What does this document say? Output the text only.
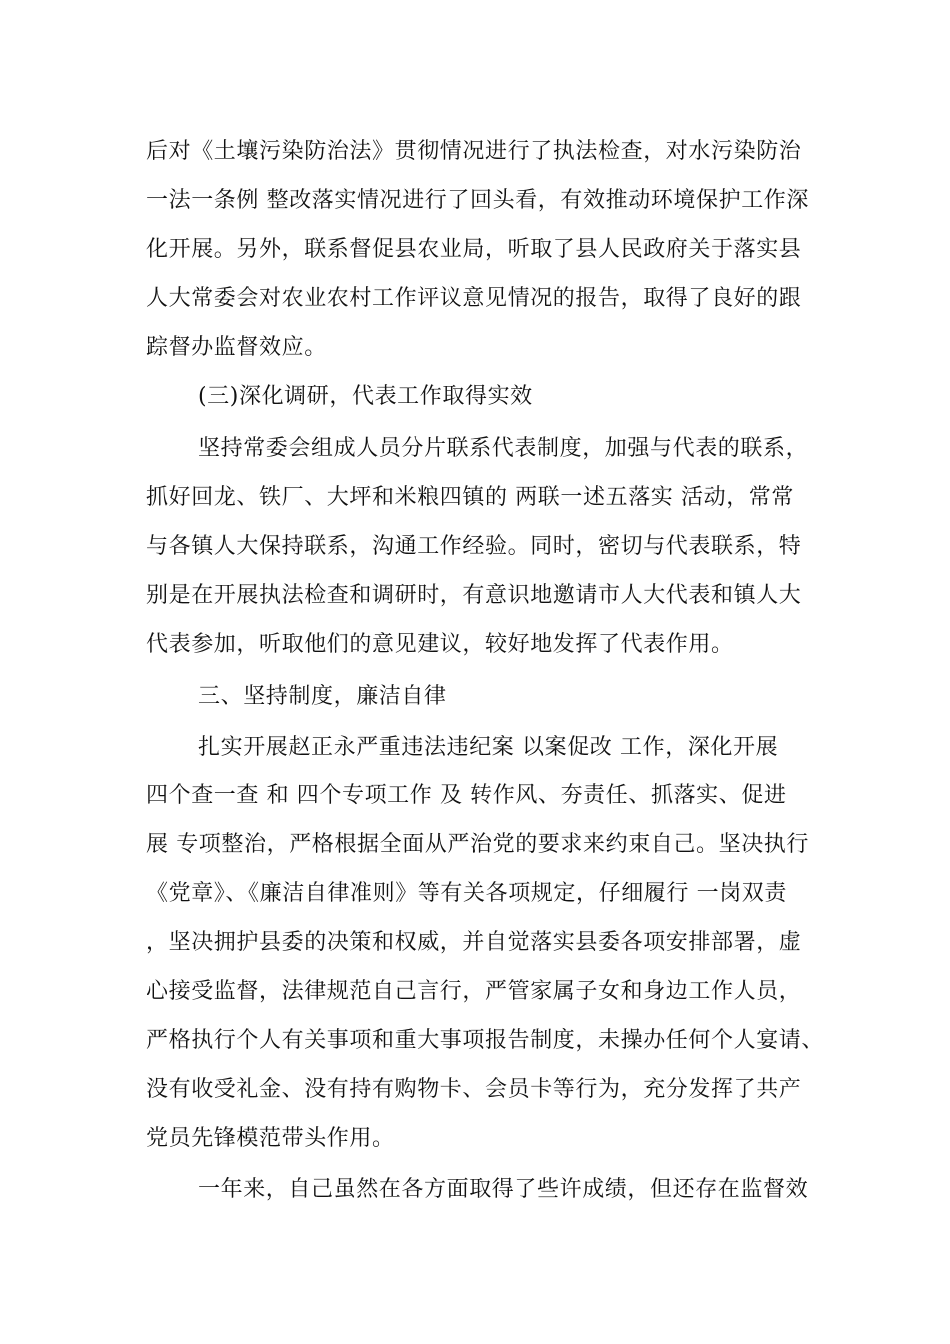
后对《土壤污染防治法》贯彻情况进行了执法检查，对水污染防治
一法一条例 整改落实情况进行了回头看，有效推动环境保护工作深
化开展。另外，联系督促县农业局，听取了县人民政府关于落实县
人大常委会对农业农村工作评议意见情况的报告，取得了良好的跟
踪督办监督效应。
(三)深化调研，代表工作取得实效
坚持常委会组成人员分片联系代表制度，加强与代表的联系，
抓好回龙、铁厂、大坪和米粮四镇的 两联一述五落实 活动，常常
与各镇人大保持联系，沟通工作经验。同时，密切与代表联系，特
别是在开展执法检查和调研时，有意识地邀请市人大代表和镇人大
代表参加，听取他们的意见建议，较好地发挥了代表作用。
三、坚持制度，廉洁自律
扎实开展赵正永严重违法违纪案 以案促改 工作，深化开展
四个查一查 和 四个专项工作 及 转作风、夯责任、抓落实、促进
展 专项整治，严格根据全面从严治党的要求来约束自己。坚决执行
《党章》、《廉洁自律准则》等有关各项规定，仔细履行 一岗双责
，坚决拥护县委的决策和权威，并自觉落实县委各项安排部署，虚
心接受监督，法律规范自己言行，严管家属子女和身边工作人员，
严格执行个人有关事项和重大事项报告制度，未操办任何个人宴请、
没有收受礼金、没有持有购物卡、会员卡等行为，充分发挥了共产
党员先锋模范带头作用。
一年来，自己虽然在各方面取得了些许成绩，但还存在监督效
